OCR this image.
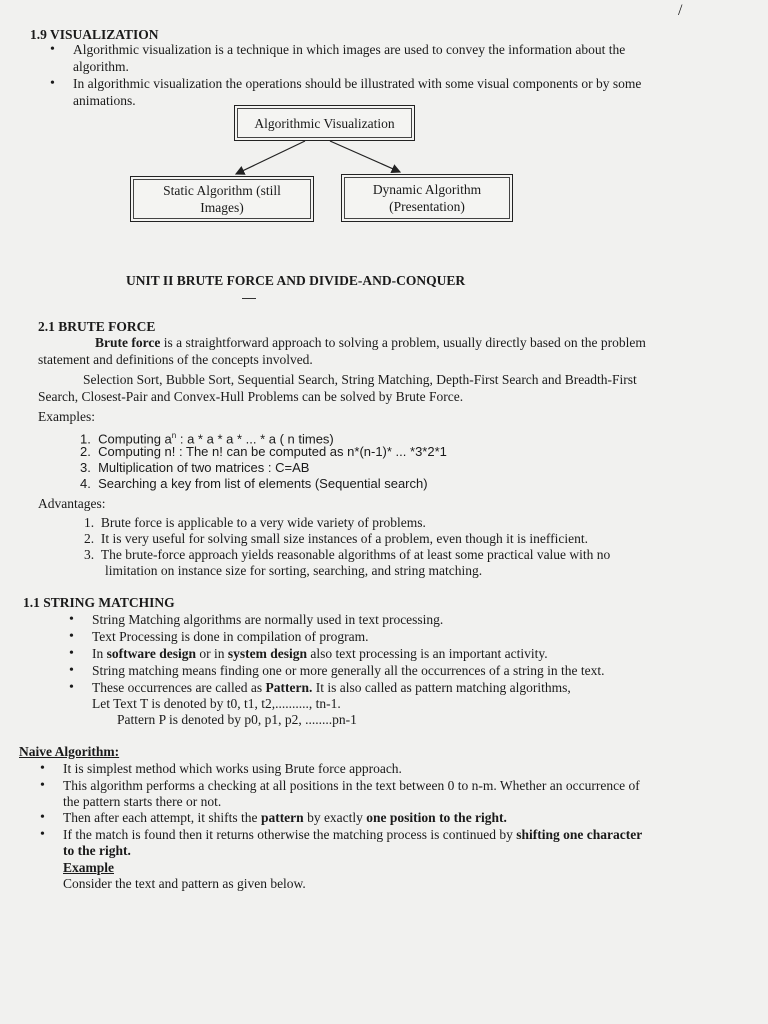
/
1.9 VISUALIZATION
• Algorithmic visualization is a technique in which images are used to convey the information about the
algorithm.
• In algorithmic visualization the operations should be illustrated with some visual components or by some
animations.
Algorithmic Visualization
Static Algorithm (still
Images)
Dynamic Algorithm
(Presentation)
UNIT II BRUTE FORCE AND DIVIDE-AND-CONQUER
2.1 BRUTE FORCE
Brute force is a straightforward approach to solving a problem, usually directly based on the problem
statement and definitions of the concepts involved.
Selection Sort, Bubble Sort, Sequential Search, String Matching, Depth-First Search and Breadth-First
Search, Closest-Pair and Convex-Hull Problems can be solved by Brute Force.
Examples:
1. Computing $a^n$ : a * a * a * ... * a ( n times)
2. Computing n! : The n! can be computed as n*(n-1)* ... *3*2*1
3. Multiplication of two matrices : C=AB
4. Searching a key from list of elements (Sequential search)
Advantages:
1. Brute force is applicable to a very wide variety of problems.
2. It is very useful for solving small size instances of a problem, even though it is inefficient.
3. The brute-force approach yields reasonable algorithms of at least some practical value with no
limitation on instance size for sorting, searching, and string matching.
1.1 STRING MATCHING
• String Matching algorithms are normally used in text processing.
• Text Processing is done in compilation of program.
• In software design or in system design also text processing is an important activity.
• String matching means finding one or more generally all the occurrences of a string in the text.
• These occurrences are called as Pattern. It is also called as pattern matching algorithms,
Let Text T is denoted by t0, t1, t2,.........., tn-1.
Pattern P is denoted by p0, p1, p2, ........pn-1
Naive Algorithm:
• It is simplest method which works using Brute force approach.
• This algorithm performs a checking at all positions in the text between 0 to n-m. Whether an occurrence of
the pattern starts there or not.
• Then after each attempt, it shifts the pattern by exactly one position to the right.
• If the match is found then it returns otherwise the matching process is continued by shifting one character
to the right.
Example
Consider the text and pattern as given below.
